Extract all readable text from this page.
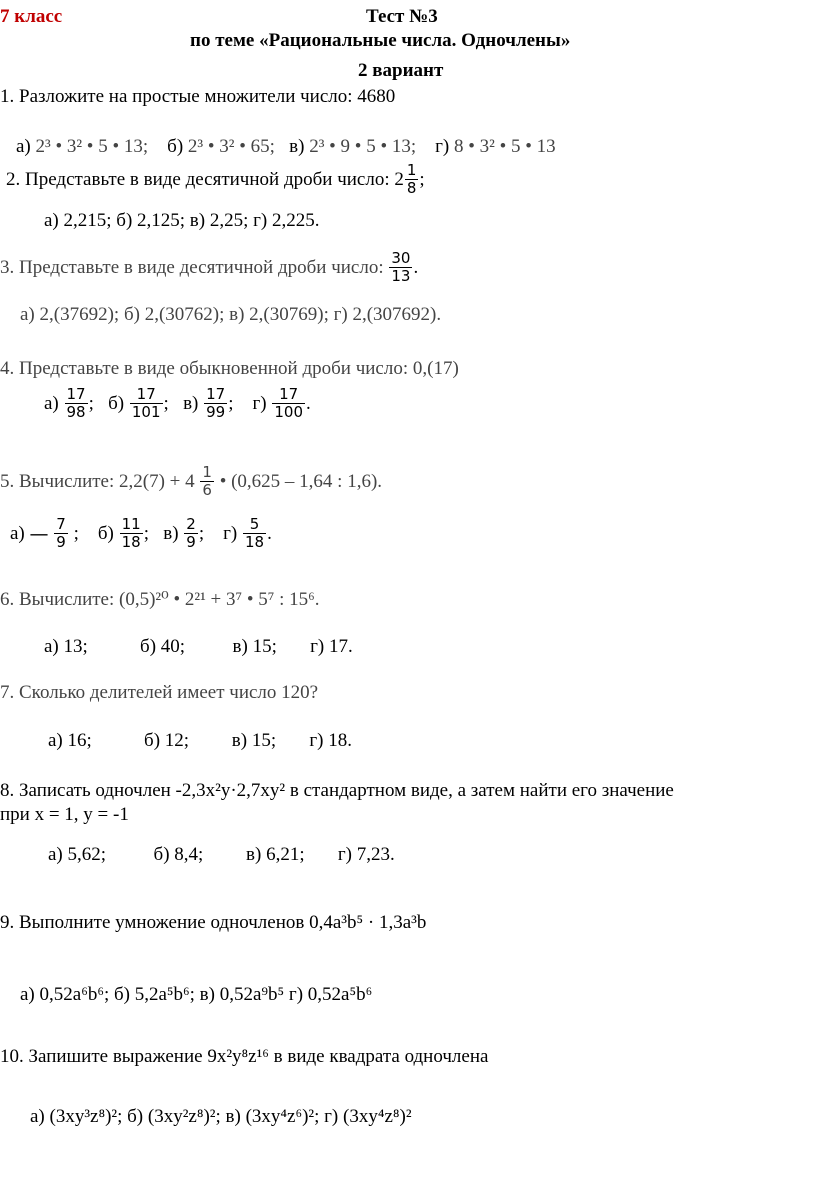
7 класс	Тест №3
по теме «Рациональные числа. Одночлены»
2 вариант
1. Разложите на простые множители число: 4680
а) 2³ • 3² • 5 • 13; б) 2³ • 3² • 65; в) 2³ • 9 • 5 • 13; г) 8 • 3² • 5 • 13
2. Представьте в виде десятичной дроби число: $2 \frac{1}{8}$ ;
а) 2,215; б) 2,125; в) 2,25; г) 2,225.
3. Представьте в виде десятичной дроби число: $\frac{30}{13}$ .
а) 2,(37692); б) 2,(30762); в) 2,(30769); г) 2,(307692).
4. Представьте в виде обыкновенной дроби число: 0,(17)
$а) \frac{17}{98}$ ; $б) \frac{17}{101}$ ; $в) \frac{17}{99}$ ; $г) \frac{17}{100}$ .
5. Вычислите: $2,2(7) + 4 \frac{1}{6}$ • (0,625 – 1,64 : 1,6).
а) — $\frac{7}{9}$ ; $б) \frac{11}{18}$ ; $в) \frac{2}{9}$ ; $г) \frac{5}{18}$ .
6. Вычислите: (0,5)²⁰ • 2²¹ + 3⁷ • 5⁷ : 15⁶.
а) 13;           б) 40;          в) 15;       г) 17.
7. Сколько делителей имеет число 120?
а) 16;           б) 12;         в) 15;       г) 18.
8. Записать одночлен -2,3x²y·2,7xy² в стандартном виде, а затем найти его значение
при x = 1, y = -1
а) 5,62;          б) 8,4;         в) 6,21;       г) 7,23.
9. Выполните умножение одночленов 0,4a³b⁵ · 1,3a³b
а) 0,52a⁶b⁶; б) 5,2a⁵b⁶; в) 0,52a⁹b⁵ г) 0,52a⁵b⁶
10. Запишите выражение 9x²y⁸z¹⁶ в виде квадрата одночлена
а) (3xy³z⁸)²; б) (3xy²z⁸)²; в) (3xy⁴z⁶)²; г) (3xy⁴z⁸)²
